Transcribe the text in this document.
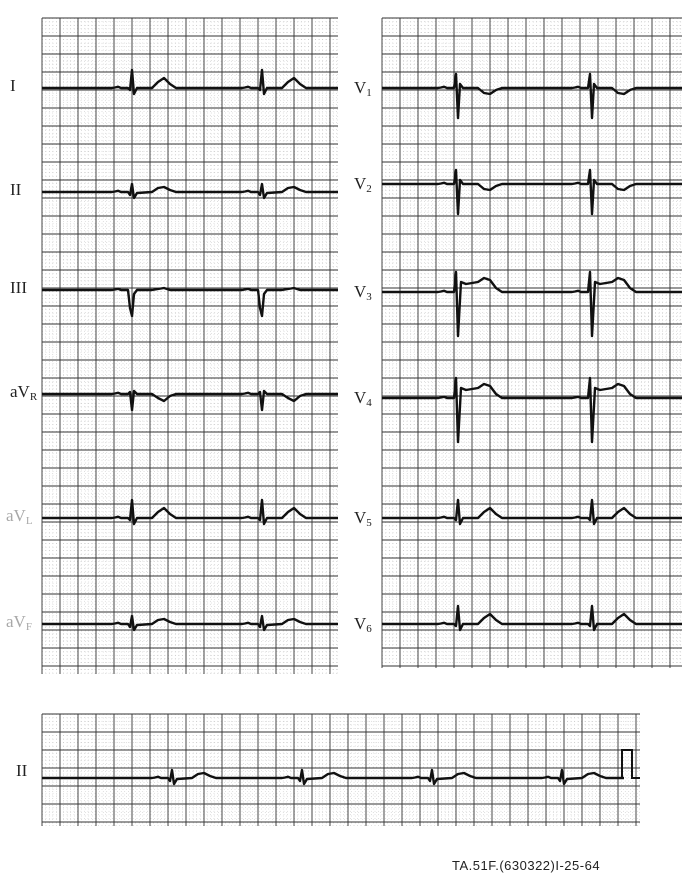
I
II
III
aVR
aVL
aVF
V1
V2
V3
V4
V5
V6
II
TA.51F.(630322)I-25-64
